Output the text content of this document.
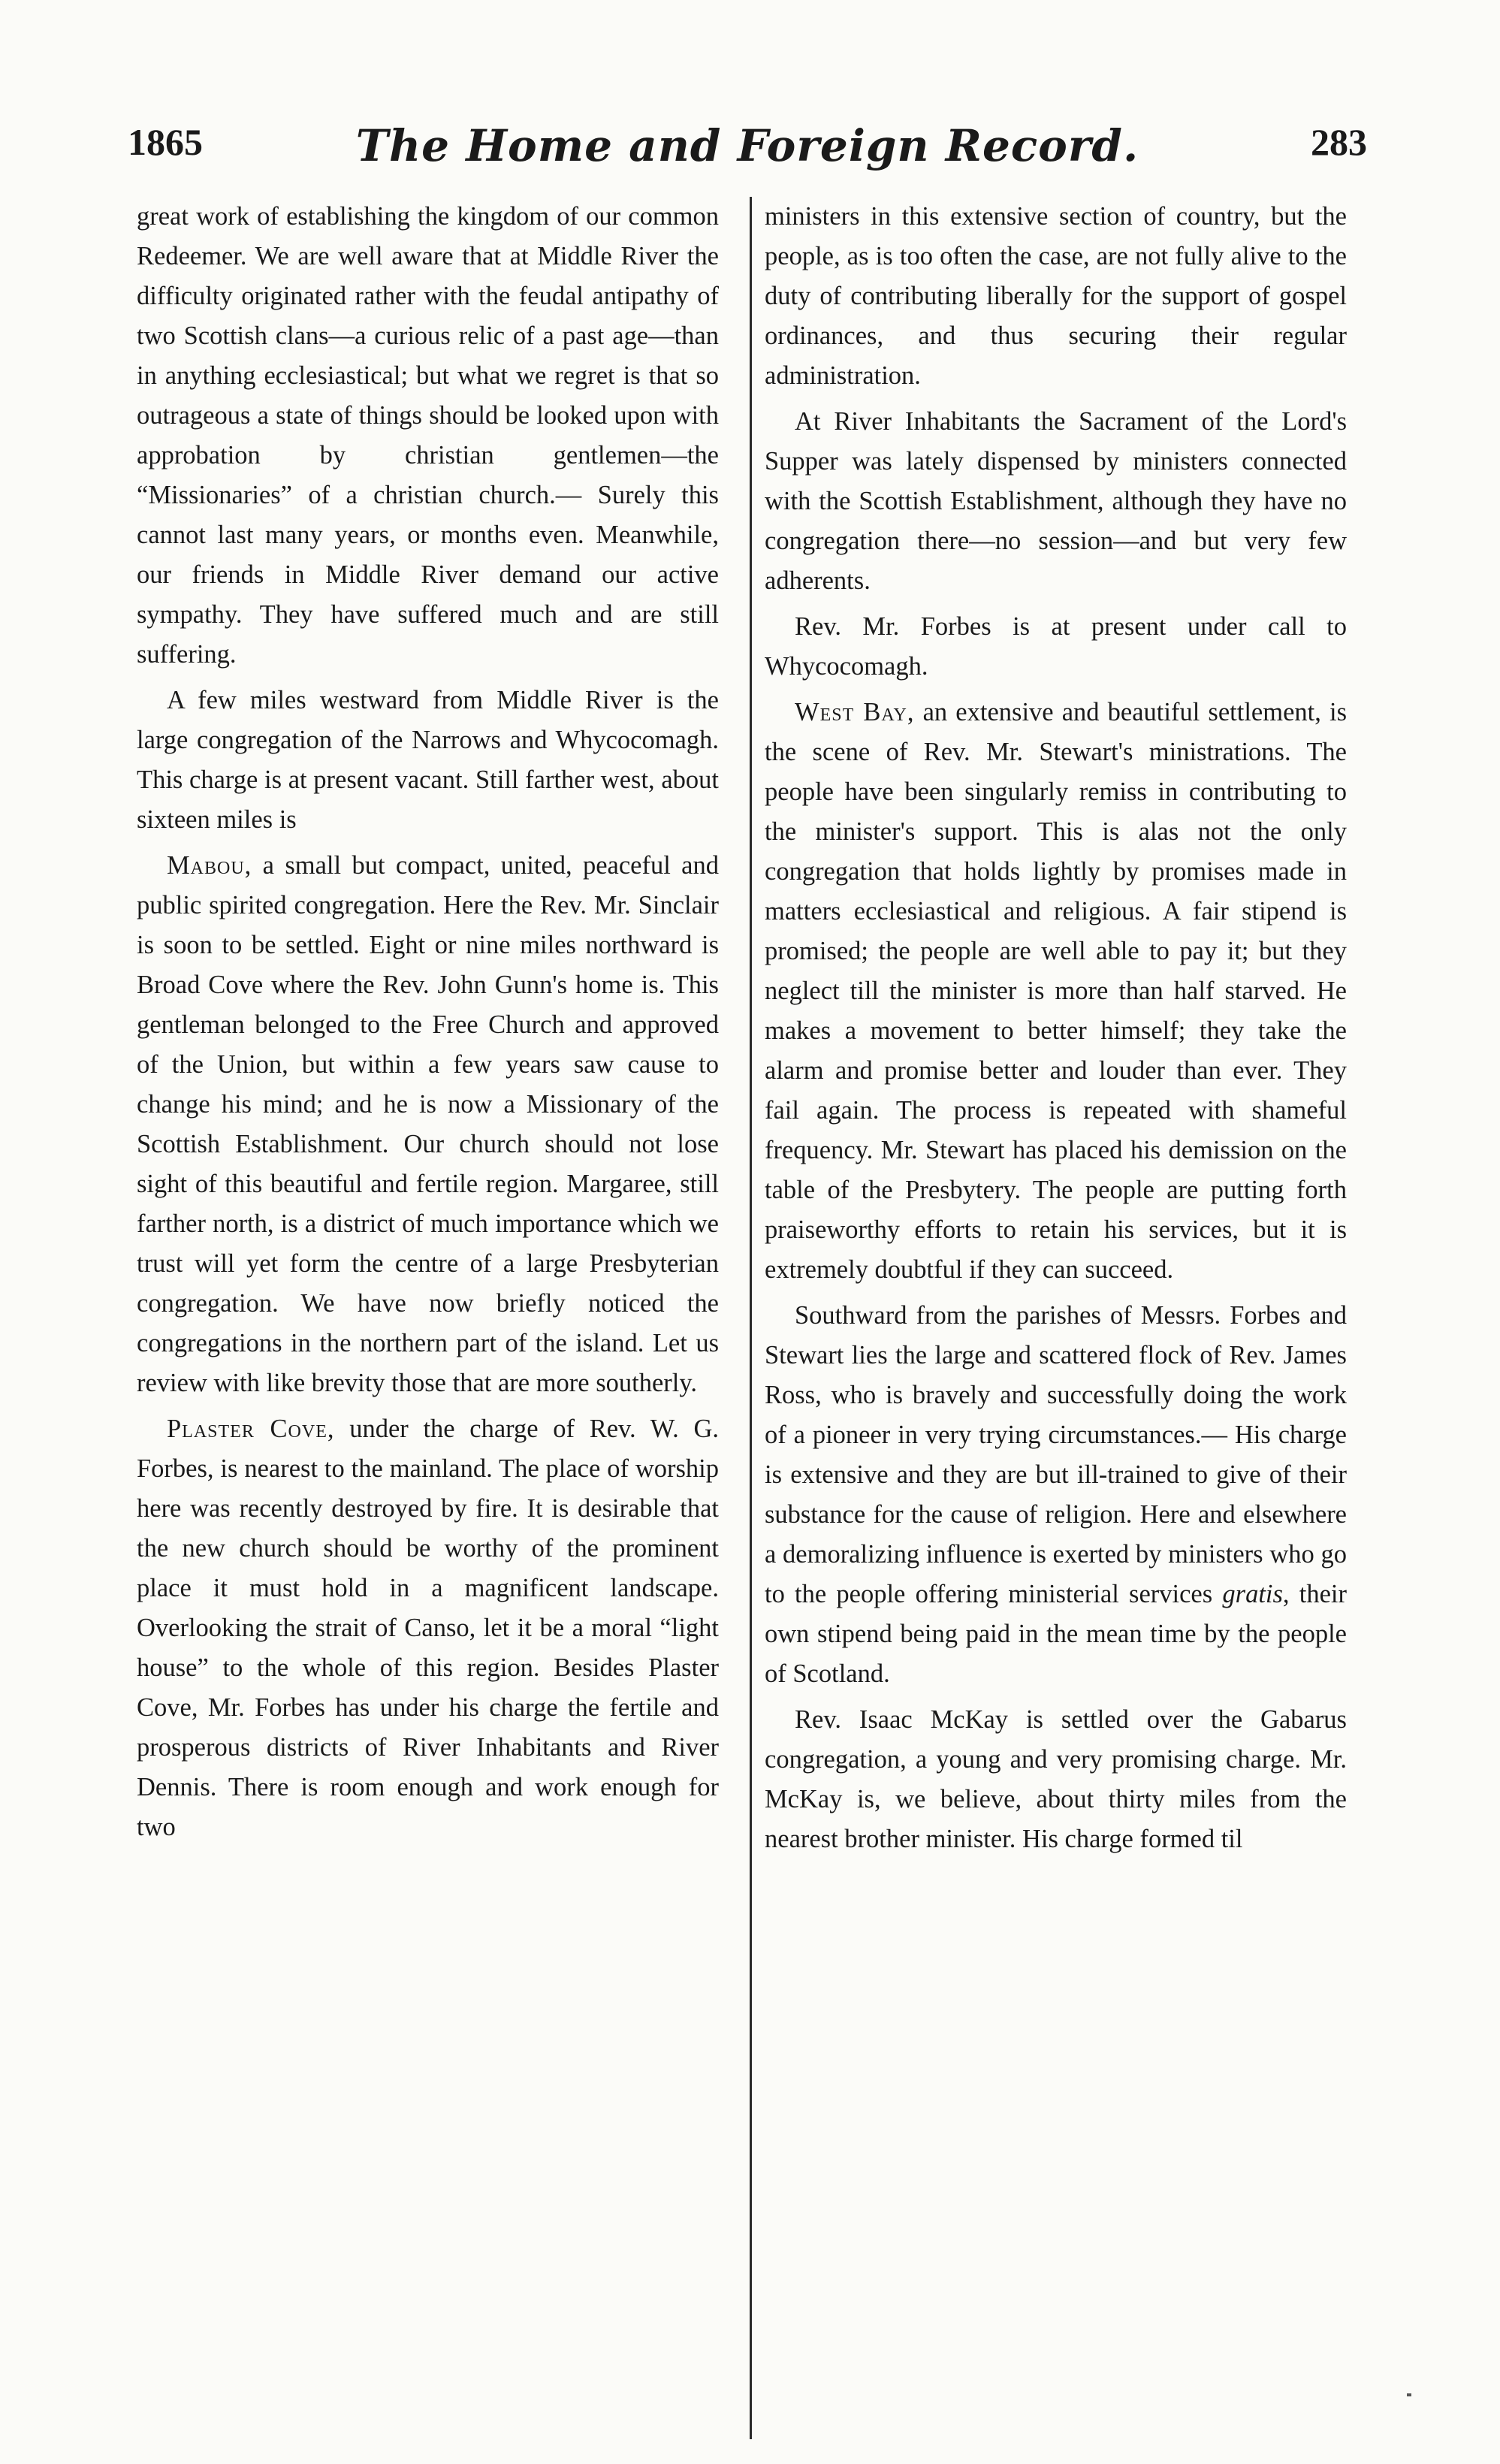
1865	The Home and Foreign Record.	283

great work of establishing the kingdom of our common Redeemer. We are well aware that at Middle River the difficulty originated rather with the feudal antipathy of two Scottish clans—a curious relic of a past age—than in anything ecclesiastical; but what we regret is that so outrageous a state of things should be looked upon with approbation by christian gentlemen—the “Missionaries” of a christian church.— Surely this cannot last many years, or months even. Meanwhile, our friends in Middle River demand our active sympathy. They have suffered much and are still suffering.

A few miles westward from Middle River is the large congregation of the Narrows and Whycocomagh. This charge is at present vacant. Still farther west, about sixteen miles is

Mabou, a small but compact, united, peaceful and public spirited congregation. Here the Rev. Mr. Sinclair is soon to be settled. Eight or nine miles northward is Broad Cove where the Rev. John Gunn's home is. This gentleman belonged to the Free Church and approved of the Union, but within a few years saw cause to change his mind; and he is now a Missionary of the Scottish Establishment. Our church should not lose sight of this beautiful and fertile region. Margaree, still farther north, is a district of much importance which we trust will yet form the centre of a large Presbyterian congregation. We have now briefly noticed the congregations in the northern part of the island. Let us review with like brevity those that are more southerly.

Plaster Cove, under the charge of Rev. W. G. Forbes, is nearest to the mainland. The place of worship here was recently destroyed by fire. It is desirable that the new church should be worthy of the prominent place it must hold in a magnificent landscape. Overlooking the strait of Canso, let it be a moral “light house” to the whole of this region. Besides Plaster Cove, Mr. Forbes has under his charge the fertile and prosperous districts of River Inhabitants and River Dennis. There is room enough and work enough for two

ministers in this extensive section of country, but the people, as is too often the case, are not fully alive to the duty of contributing liberally for the support of gospel ordinances, and thus securing their regular administration.

At River Inhabitants the Sacrament of the Lord's Supper was lately dispensed by ministers connected with the Scottish Establishment, although they have no congregation there—no session—and but very few adherents.

Rev. Mr. Forbes is at present under call to Whycocomagh.

West Bay, an extensive and beautiful settlement, is the scene of Rev. Mr. Stewart's ministrations. The people have been singularly remiss in contributing to the minister's support. This is alas not the only congregation that holds lightly by promises made in matters ecclesiastical and religious. A fair stipend is promised; the people are well able to pay it; but they neglect till the minister is more than half starved. He makes a movement to better himself; they take the alarm and promise better and louder than ever. They fail again. The process is repeated with shameful frequency. Mr. Stewart has placed his demission on the table of the Presbytery. The people are putting forth praiseworthy efforts to retain his services, but it is extremely doubtful if they can succeed.

Southward from the parishes of Messrs. Forbes and Stewart lies the large and scattered flock of Rev. James Ross, who is bravely and successfully doing the work of a pioneer in very trying circumstances.— His charge is extensive and they are but ill-trained to give of their substance for the cause of religion. Here and elsewhere a demoralizing influence is exerted by ministers who go to the people offering ministerial services gratis, their own stipend being paid in the mean time by the people of Scotland.

Rev. Isaac McKay is settled over the Gabarus congregation, a young and very promising charge. Mr. McKay is, we believe, about thirty miles from the nearest brother minister. His charge formed til
